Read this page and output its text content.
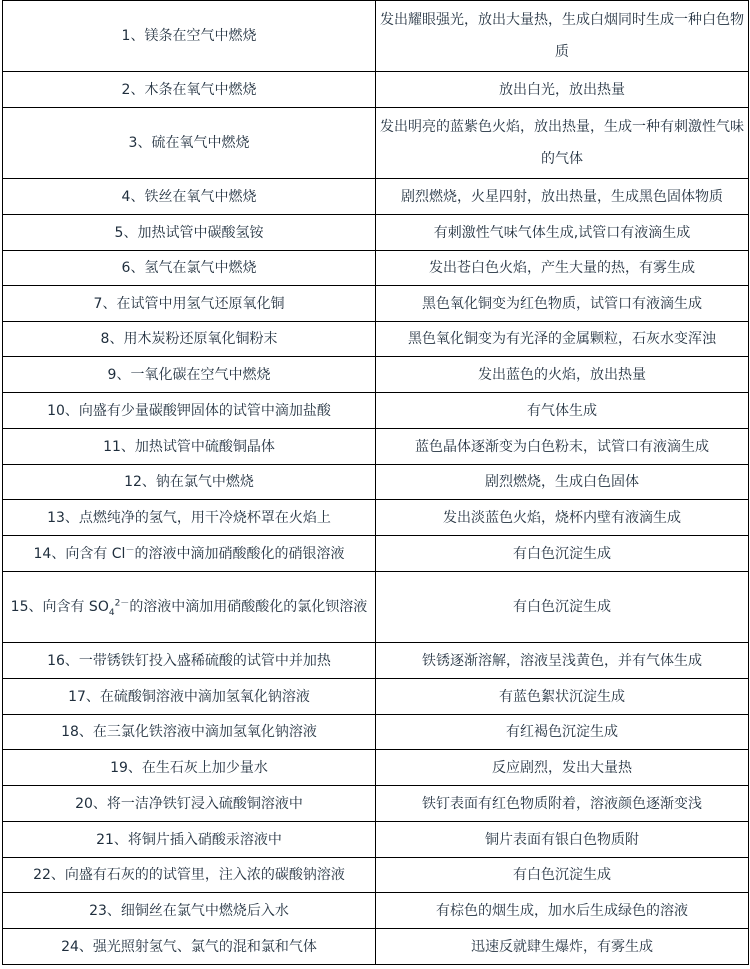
1、镁条在空气中燃烧	发出耀眼强光，放出大量热，生成白烟同时生成一种白色物质
2、木条在氧气中燃烧	放出白光，放出热量
3、硫在氧气中燃烧	发出明亮的蓝紫色火焰，放出热量，生成一种有刺激性气味的气体
4、铁丝在氧气中燃烧	剧烈燃烧，火星四射，放出热量，生成黑色固体物质
5、加热试管中碳酸氢铵	有刺激性气味气体生成,试管口有液滴生成
6、氢气在氯气中燃烧	发出苍白色火焰，产生大量的热，有雾生成
7、在试管中用氢气还原氧化铜	黑色氧化铜变为红色物质，试管口有液滴生成
8、用木炭粉还原氧化铜粉末	黑色氧化铜变为有光泽的金属颗粒，石灰水变浑浊
9、一氧化碳在空气中燃烧	发出蓝色的火焰，放出热量
10、向盛有少量碳酸钾固体的试管中滴加盐酸	有气体生成
11、加热试管中硫酸铜晶体	蓝色晶体逐渐变为白色粉末，试管口有液滴生成
12、钠在氯气中燃烧	剧烈燃烧，生成白色固体
13、点燃纯净的氢气，用干冷烧杯罩在火焰上	发出淡蓝色火焰，烧杯内壁有液滴生成
14、向含有 Cl－的溶液中滴加硝酸酸化的硝银溶液	有白色沉淀生成
15、向含有 $SO_4^{2-}$的溶液中滴加用硝酸酸化的氯化钡溶液	有白色沉淀生成
16、一带锈铁钉投入盛稀硫酸的试管中并加热	铁锈逐渐溶解，溶液呈浅黄色，并有气体生成
17、在硫酸铜溶液中滴加氢氧化钠溶液	有蓝色絮状沉淀生成
18、在三氯化铁溶液中滴加氢氧化钠溶液	有红褐色沉淀生成
19、在生石灰上加少量水	反应剧烈，发出大量热
20、将一洁净铁钉浸入硫酸铜溶液中	铁钉表面有红色物质附着，溶液颜色逐渐变浅
21、将铜片插入硝酸汞溶液中	铜片表面有银白色物质附
22、向盛有石灰的的试管里，注入浓的碳酸钠溶液	有白色沉淀生成
23、细铜丝在氯气中燃烧后入水	有棕色的烟生成，加水后生成绿色的溶液
24、强光照射氢气、氯气的混和氯和气体	迅速反就肆生爆炸，有雾生成
